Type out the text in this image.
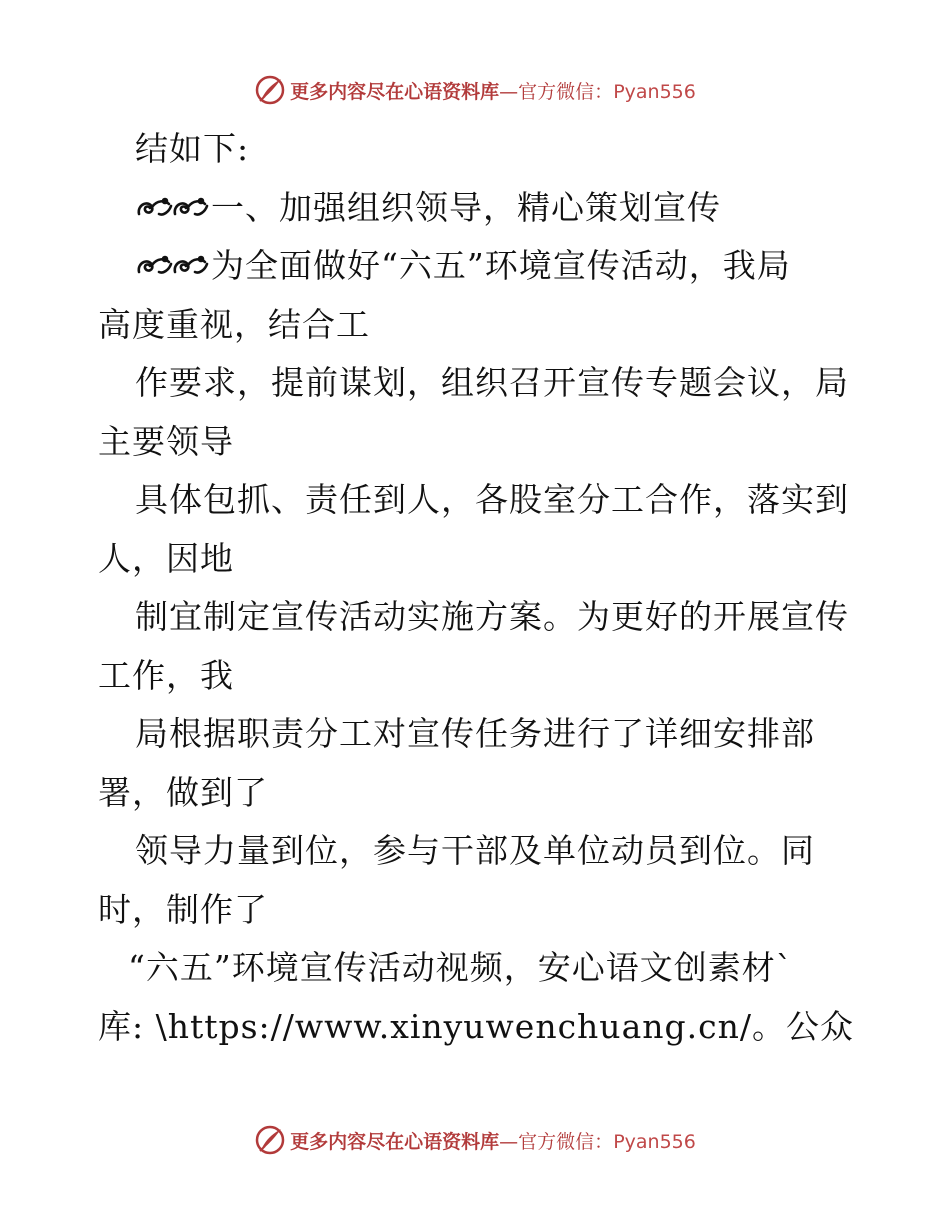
更多内容尽在心语资料库—官方微信：Pyan556
结如下:
一、加强组织领导，精心策划宣传
为全面做好“六五”环境宣传活动，我局
高度重视，结合工
作要求，提前谋划，组织召开宣传专题会议，局
主要领导
具体包抓、责任到人，各股室分工合作，落实到
人，因地
制宜制定宣传活动实施方案。为更好的开展宣传
工作，我
局根据职责分工对宣传任务进行了详细安排部
署，做到了
领导力量到位，参与干部及单位动员到位。同
时，制作了
“六五”环境宣传活动视频，安心语文创素材`
库: \https://www.xinyuwenchuang.cn/。公众
更多内容尽在心语资料库—官方微信：Pyan556
